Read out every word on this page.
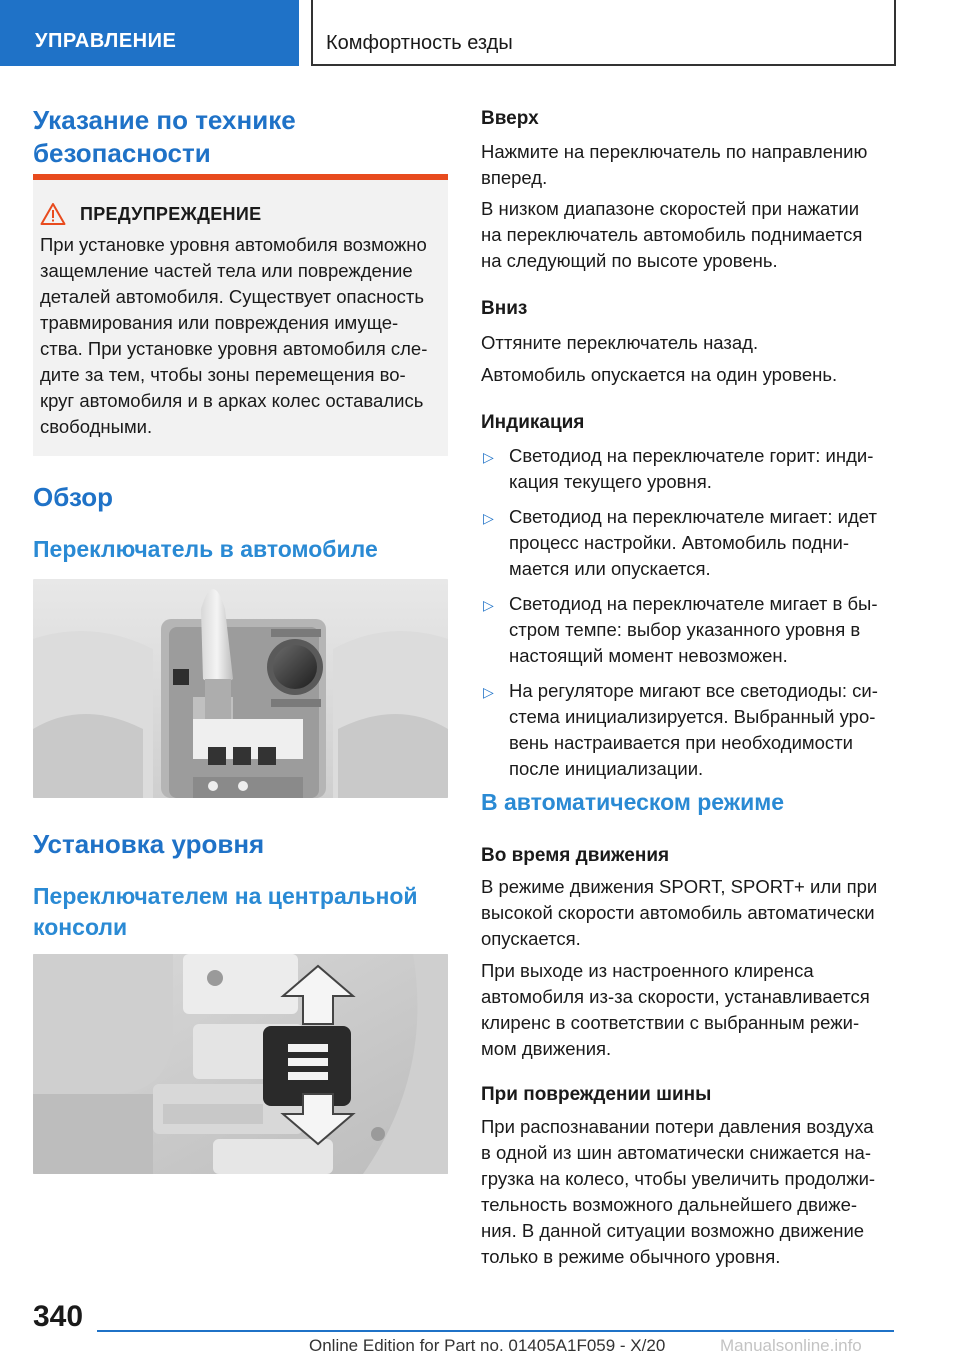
УПРАВЛЕНИЕ	Комфортность езды
Указание по технике
безопасности
ПРЕДУПРЕЖДЕНИЕ
При установке уровня автомобиля возможно
защемление частей тела или повреждение
деталей автомобиля. Существует опасность
травмирования или повреждения имуще-
ства. При установке уровня автомобиля сле-
дите за тем, чтобы зоны перемещения во-
круг автомобиля и в арках колес оставались
свободными.
Обзор
Переключатель в автомобиле
Установка уровня
Переключателем на центральной
консоли
Вверх
Нажмите на переключатель по направлению
вперед.
В низком диапазоне скоростей при нажатии
на переключатель автомобиль поднимается
на следующий по высоте уровень.
Вниз
Оттяните переключатель назад.
Автомобиль опускается на один уровень.
Индикация
▷ Светодиод на переключателе горит: инди-
кация текущего уровня.
▷ Светодиод на переключателе мигает: идет
процесс настройки. Автомобиль подни-
мается или опускается.
▷ Светодиод на переключателе мигает в бы-
стром темпе: выбор указанного уровня в
настоящий момент невозможен.
▷ На регуляторе мигают все светодиоды: си-
стема инициализируется. Выбранный уро-
вень настраивается при необходимости
после инициализации.
В автоматическом режиме
Во время движения
В режиме движения SPORT, SPORT+ или при
высокой скорости автомобиль автоматически
опускается.
При выходе из настроенного клиренса
автомобиля из-за скорости, устанавливается
клиренс в соответствии с выбранным режи-
мом движения.
При повреждении шины
При распознавании потери давления воздуха
в одной из шин автоматически снижается на-
грузка на колесо, чтобы увеличить продолжи-
тельность возможного дальнейшего движе-
ния. В данной ситуации возможно движение
только в режиме обычного уровня.
340
Online Edition for Part no. 01405A1F059 - X/20	Manualsonline.info
